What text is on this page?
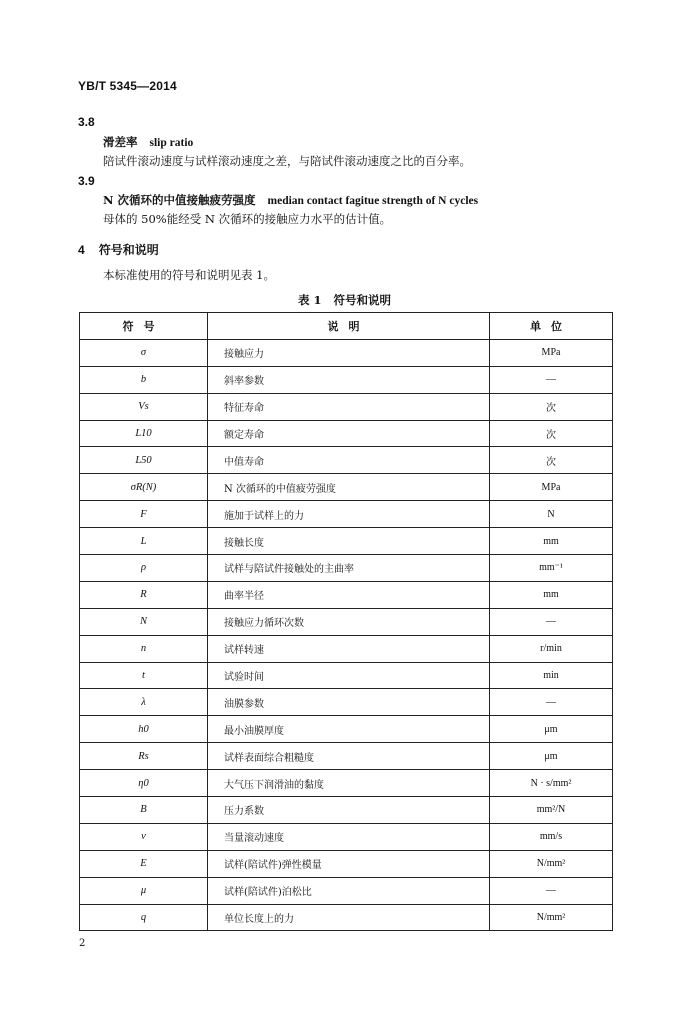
YB/T 5345—2014
3.8
滑差率 slip ratio
陪试件滚动速度与试样滚动速度之差，与陪试件滚动速度之比的百分率。
3.9
N 次循环的中值接触疲劳强度 median contact fagitue strength of N cycles
母体的 50%能经受 N 次循环的接触应力水平的估计值。
4 符号和说明
本标准使用的符号和说明见表 1。
表 1 符号和说明
符号	说明	单位
σ	接触应力	MPa
b	斜率参数	—
Vs	特征寿命	次
L10	额定寿命	次
L50	中值寿命	次
σR(N)	N 次循环的中值疲劳强度	MPa
F	施加于试样上的力	N
L	接触长度	mm
ρ	试样与陪试件接触处的主曲率	mm⁻¹
R	曲率半径	mm
N	接触应力循环次数	—
n	试样转速	r/min
t	试验时间	min
λ	油膜参数	—
h0	最小油膜厚度	μm
Rs	试样表面综合粗糙度	μm
η0	大气压下润滑油的黏度	N · s/mm²
B	压力系数	mm²/N
ν	当量滚动速度	mm/s
E	试样(陪试件)弹性模量	N/mm²
μ	试样(陪试件)泊松比	—
q	单位长度上的力	N/mm²
2
